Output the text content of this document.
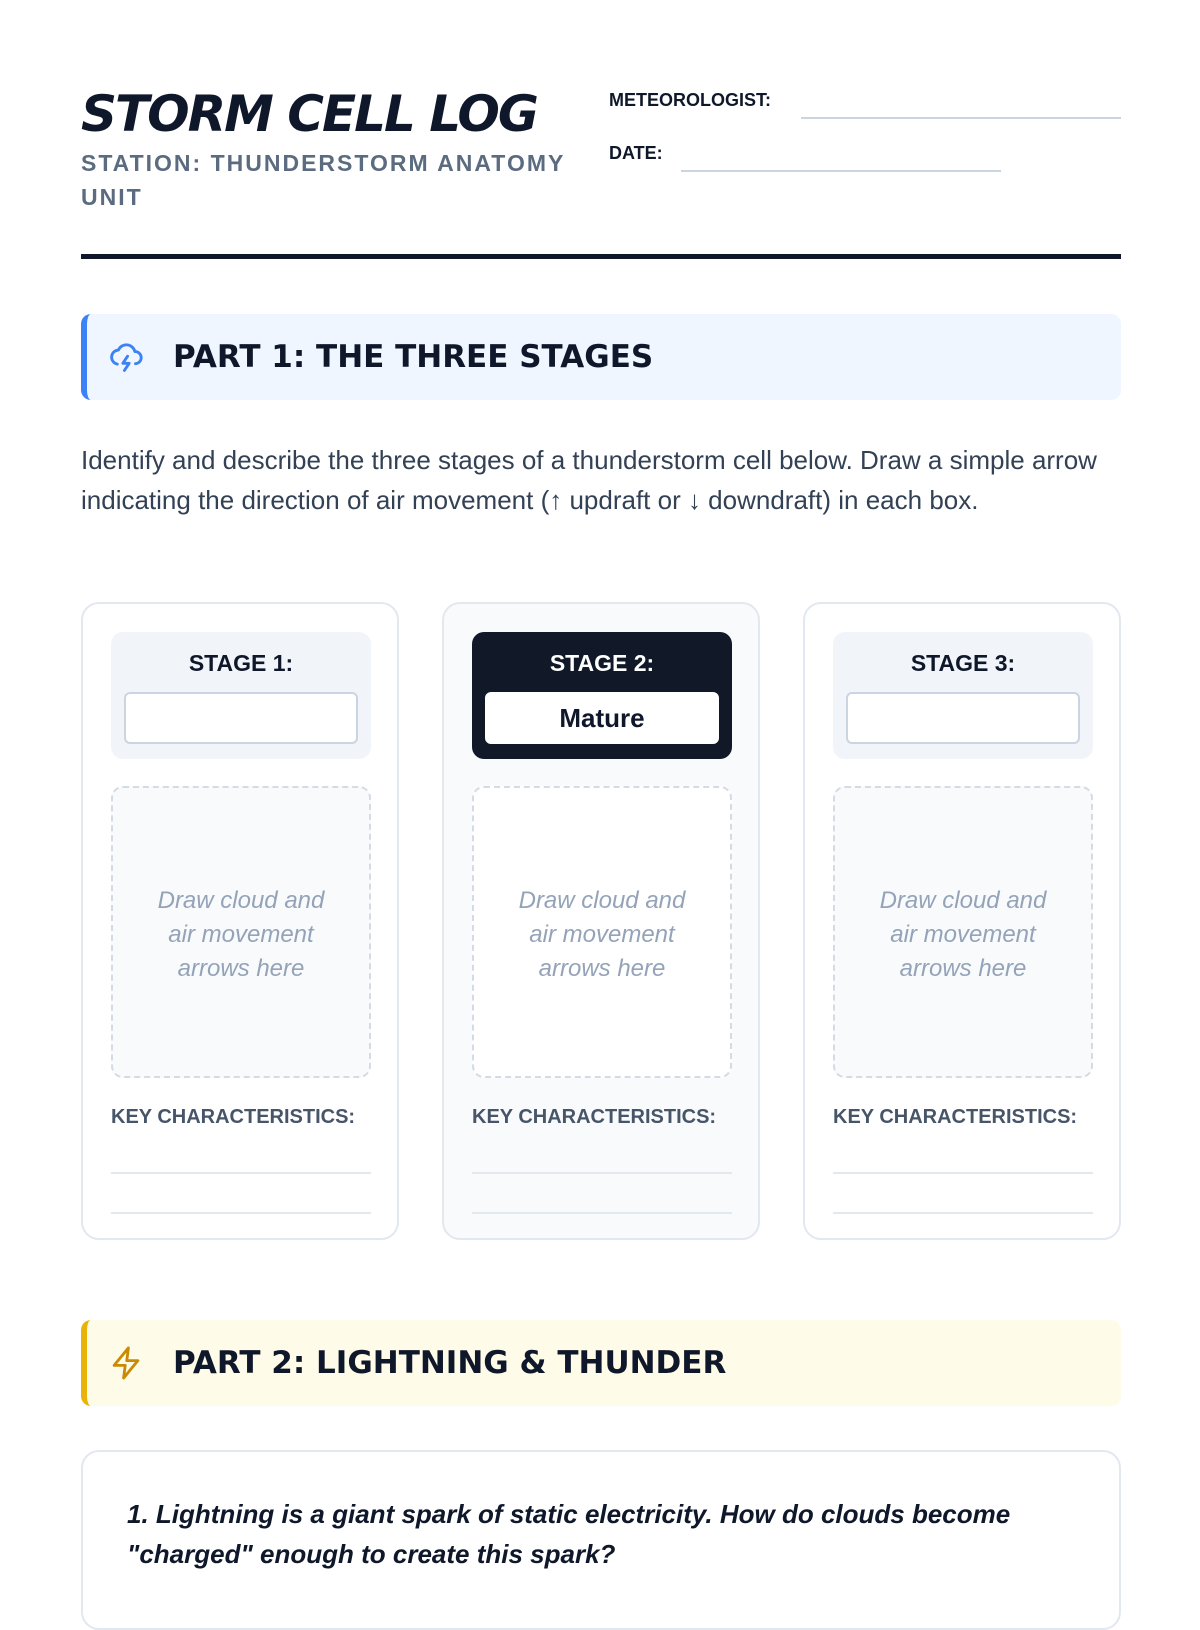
STORM CELL LOG
STATION: THUNDERSTORM ANATOMY UNIT
METEOROLOGIST:
DATE:
PART 1: THE THREE STAGES
Identify and describe the three stages of a thunderstorm cell below. Draw a simple arrow indicating the direction of air movement (↑ updraft or ↓ downdraft) in each box.
STAGE 1:
Draw cloud and air movement arrows here
KEY CHARACTERISTICS:
STAGE 2:
Mature
Draw cloud and air movement arrows here
KEY CHARACTERISTICS:
STAGE 3:
Draw cloud and air movement arrows here
KEY CHARACTERISTICS:
PART 2: LIGHTNING & THUNDER
1. Lightning is a giant spark of static electricity. How do clouds become "charged" enough to create this spark?
